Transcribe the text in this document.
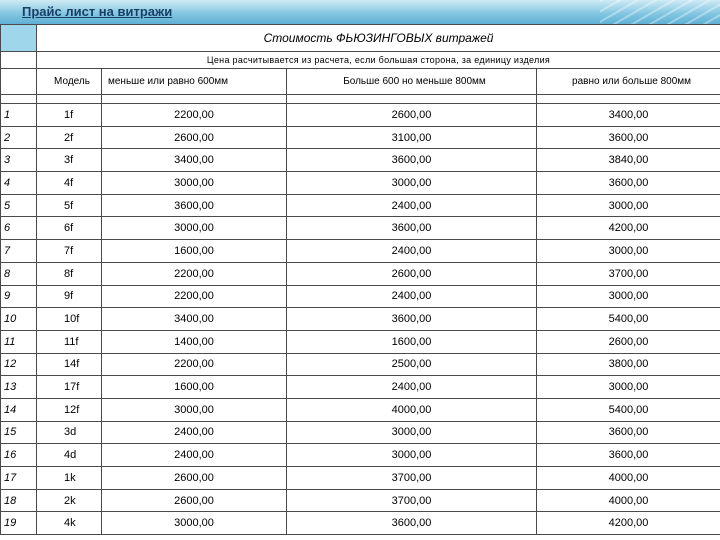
Прайс лист на витражи
	Стоимость ФЬЮЗИНГОВЫХ витражей			
	Цена расчитывается из расчета, если большая сторона, за единицу изделия			
	Модель	меньше или равно 600мм	Больше 600 но меньше 800мм	равно или больше 800мм

1	1f	2200,00	2600,00	3400,00
2	2f	2600,00	3100,00	3600,00
3	3f	3400,00	3600,00	3840,00
4	4f	3000,00	3000,00	3600,00
5	5f	3600,00	2400,00	3000,00
6	6f	3000,00	3600,00	4200,00
7	7f	1600,00	2400,00	3000,00
8	8f	2200,00	2600,00	3700,00
9	9f	2200,00	2400,00	3000,00
10	10f	3400,00	3600,00	5400,00
11	11f	1400,00	1600,00	2600,00
12	14f	2200,00	2500,00	3800,00
13	17f	1600,00	2400,00	3000,00
14	12f	3000,00	4000,00	5400,00
15	3d	2400,00	3000,00	3600,00
16	4d	2400,00	3000,00	3600,00
17	1k	2600,00	3700,00	4000,00
18	2k	2600,00	3700,00	4000,00
19	4k	3000,00	3600,00	4200,00
